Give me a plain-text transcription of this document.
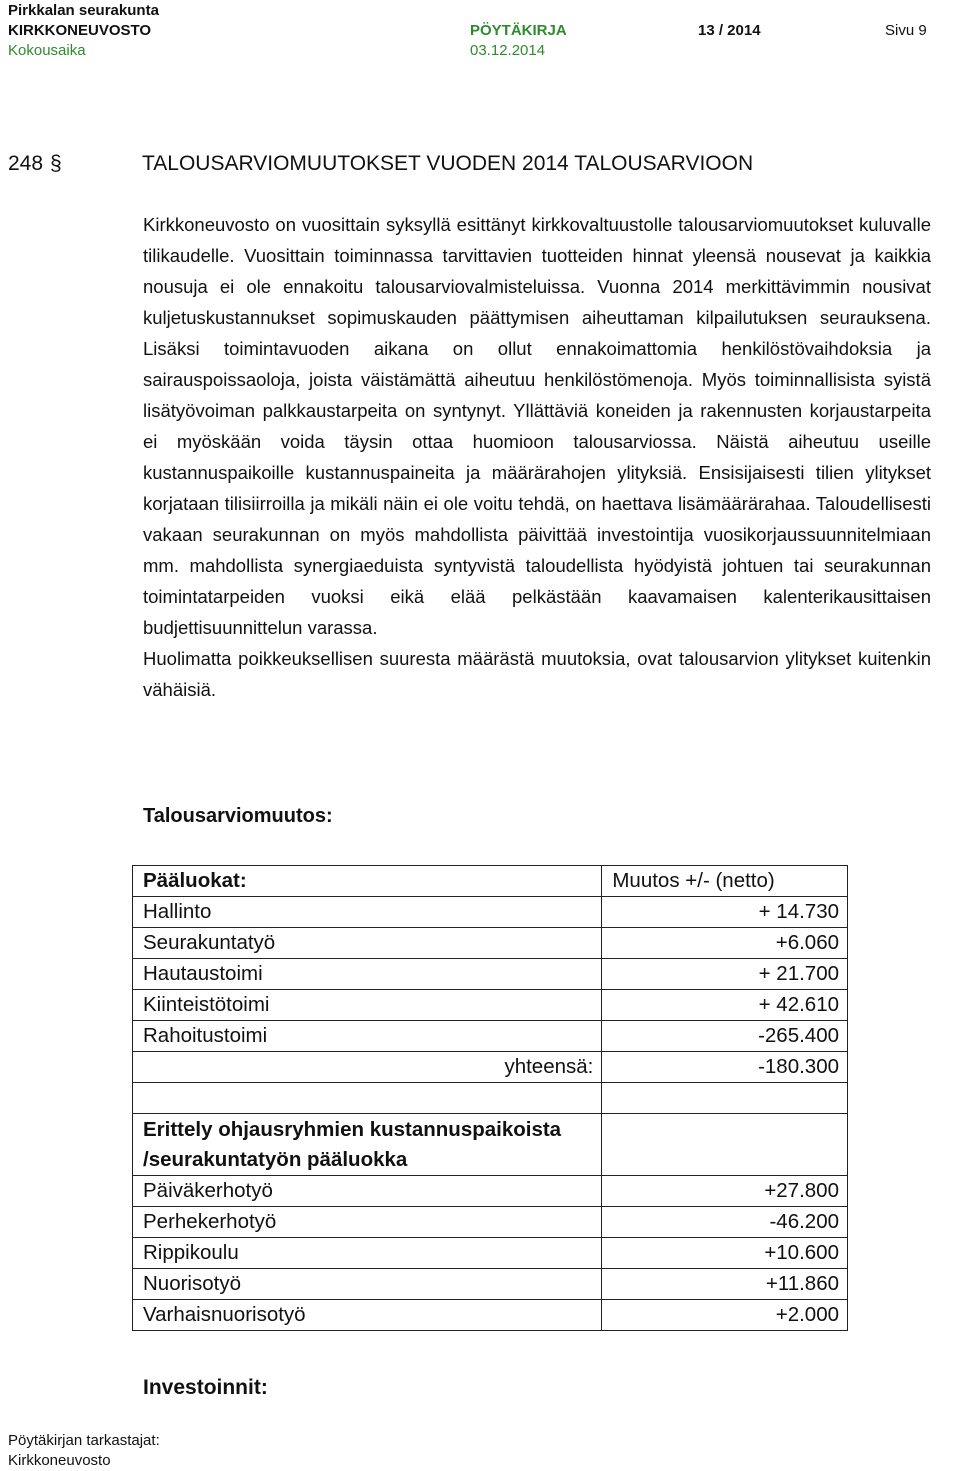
Pirkkalan seurakunta
KIRKKONEUVOSTO	PÖYTÄKIRJA	13 / 2014	Sivu 9
Kokousaika	03.12.2014
248 §	TALOUSARVIOMUUTOKSET VUODEN 2014 TALOUSARVIOON

Kirkkoneuvosto on vuosittain syksyllä esittänyt kirkkovaltuustolle talousarviomuutokset kuluvalle tilikaudelle. Vuosittain toiminnassa tarvittavien tuotteiden hinnat yleensä nousevat ja kaikkia nousuja ei ole ennakoitu talousarviovalmisteluissa. Vuonna 2014 merkittävimmin nousivat kuljetuskustannukset sopimuskauden päättymisen aiheuttaman kilpailutuksen seurauksena. Lisäksi toimintavuoden aikana on ollut ennakoimattomia henkilöstövaihdoksia ja sairauspoissaoloja, joista väistämättä aiheutuu henkilöstömenoja. Myös toiminnallisista syistä lisätyövoiman palkkaustarpeita on syntynyt. Yllättäviä koneiden ja rakennusten korjaustarpeita ei myöskään voida täysin ottaa huomioon talousarviossa. Näistä aiheutuu useille kustannuspaikoille kustannuspaineita ja määrärahojen ylityksiä. Ensisijaisesti tilien ylitykset korjataan tilisiirroilla ja mikäli näin ei ole voitu tehdä, on haettava lisämäärärahaa. Taloudellisesti vakaan seurakunnan on myös mahdollista päivittää investointija vuosikorjaussuunnitelmiaan mm. mahdollista synergiaeduista syntyvistä taloudellista hyödyistä johtuen tai seurakunnan toimintatarpeiden vuoksi eikä elää pelkästään kaavamaisen kalenterikausittaisen budjettisuunnittelun varassa.

Huolimatta poikkeuksellisen suuresta määrästä muutoksia, ovat talousarvion ylitykset kuitenkin vähäisiä.

Talousarviomuutos:
Pääluokat:	Muutos +/- (netto)
Hallinto	+ 14.730
Seurakuntatyö	+6.060
Hautaustoimi	+ 21.700
Kiinteistötoimi	+ 42.610
Rahoitustoimi	-265.400
yhteensä:	-180.300

Erittely ohjausryhmien kustannuspaikoista
/seurakuntatyön pääluokka	

Päiväkerhotyö	+27.800
Perhekerhotyö	-46.200
Rippikoulu	+10.600
Nuorisotyö	+11.860
Varhaisnuorisotyö	+2.000
Investoinnit:
Pöytäkirjan tarkastajat:
Kirkkoneuvosto
